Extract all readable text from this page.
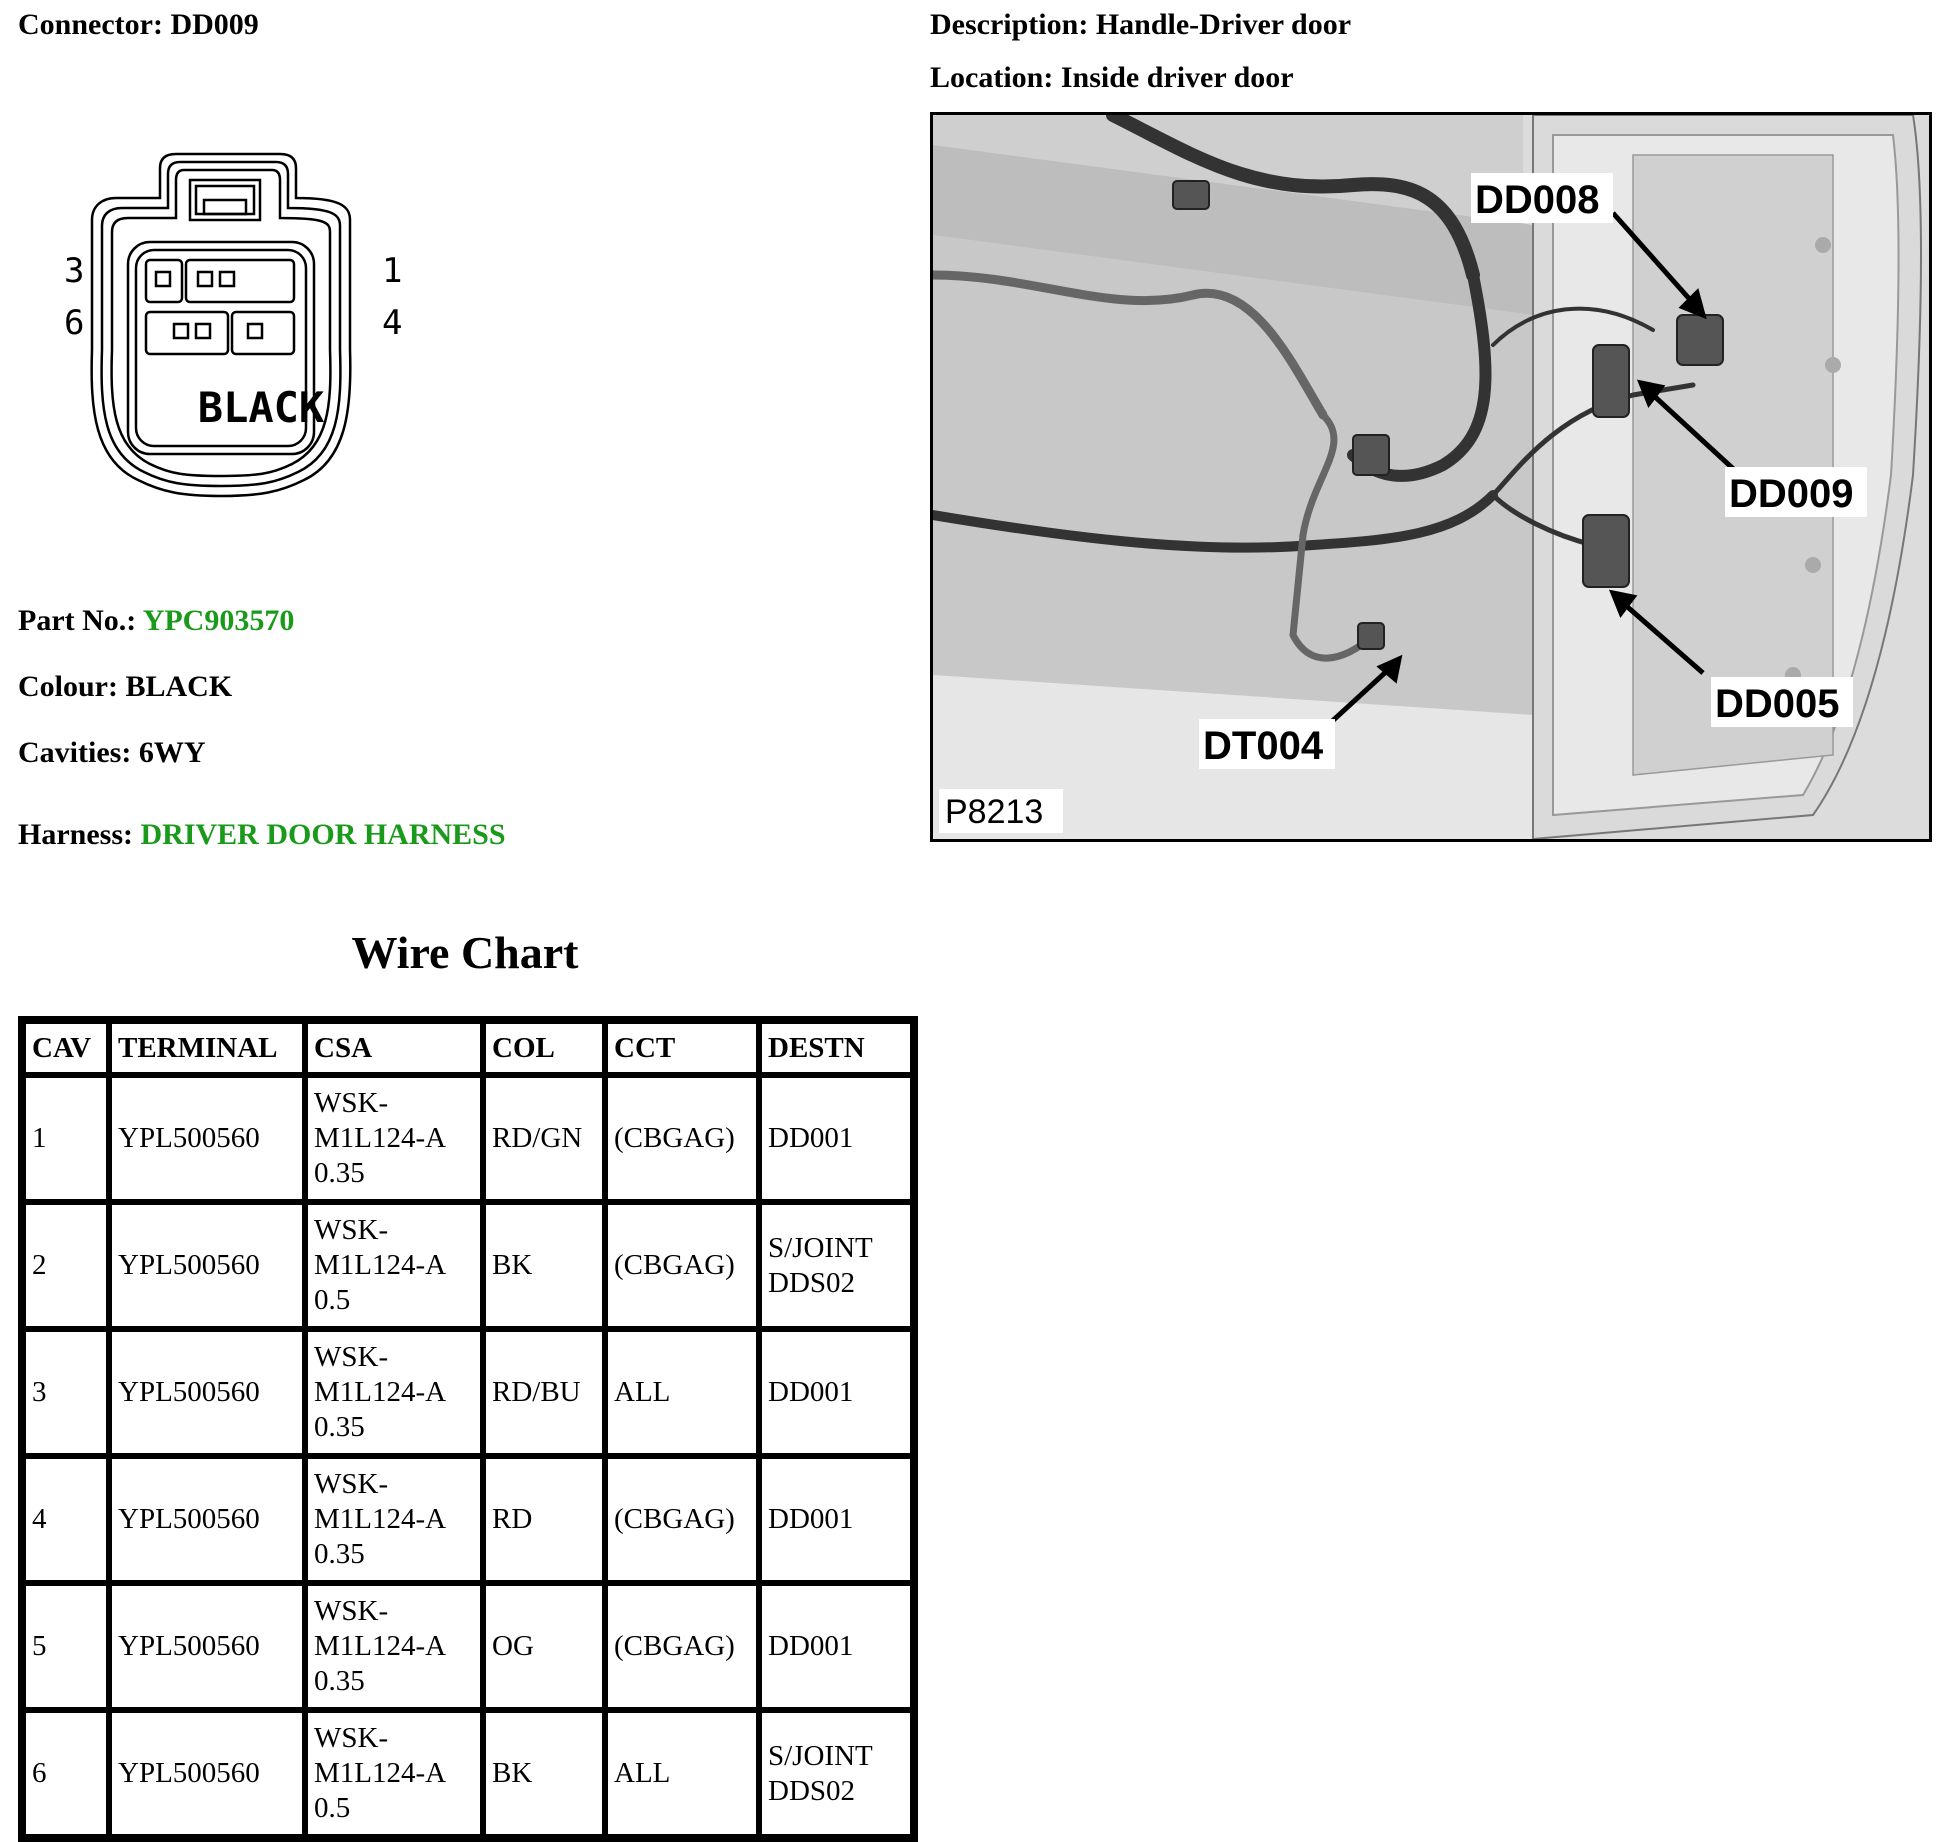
Connector: DD009	Description: Handle-Driver door
Location: Inside driver door
3
6
1
4
BLACK
DD008
DD009
DD005
DT004
P8213
Part No.: YPC903570
Colour: BLACK
Cavities: 6WY
Harness: DRIVER DOOR HARNESS
Wire Chart
CAV	TERMINAL	CSA	COL	CCT	DESTN
1	YPL500560	WSK-
M1L124-A
0.35	RD/GN	(CBGAG)	DD001

2	YPL500560	WSK-
M1L124-A
0.5	BK	(CBGAG)	S/JOINT
DDS02

3	YPL500560	WSK-
M1L124-A
0.35	RD/BU	ALL	DD001

4	YPL500560	WSK-
M1L124-A
0.35	RD	(CBGAG)	DD001

5	YPL500560	WSK-
M1L124-A
0.35	OG	(CBGAG)	DD001

6	YPL500560	WSK-
M1L124-A
0.5	BK	ALL	S/JOINT
DDS02
